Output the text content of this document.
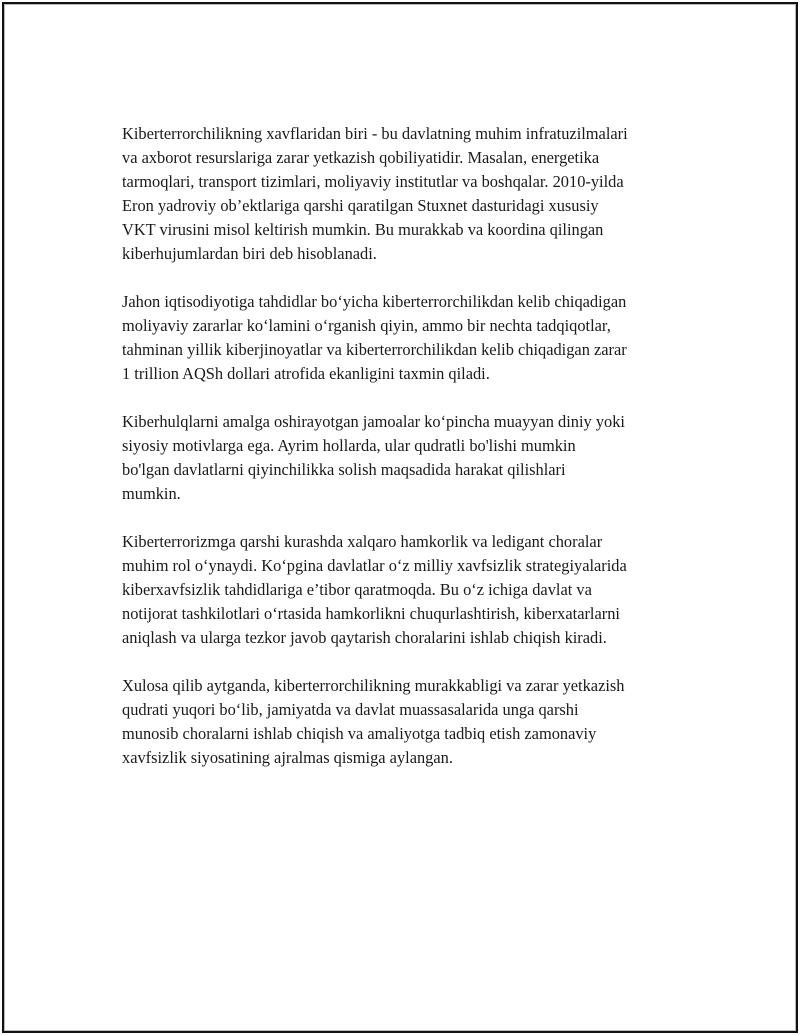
Kiberterrorchilikning xavflaridan biri - bu davlatning muhim infratuzilmalari
va axborot resurslariga zarar yetkazish qobiliyatidir. Masalan, energetika
tarmoqlari, transport tizimlari, moliyaviy institutlar va boshqalar. 2010-yilda
Eron yadroviy ob’ektlariga qarshi qaratilgan Stuxnet dasturidagi xususiy
VKT virusini misol keltirish mumkin. Bu murakkab va koordina qilingan
kiberhujumlardan biri deb hisoblanadi.

Jahon iqtisodiyotiga tahdidlar bo‘yicha kiberterrorchilikdan kelib chiqadigan
moliyaviy zararlar ko‘lamini o‘rganish qiyin, ammo bir nechta tadqiqotlar,
tahminan yillik kiberjinoyatlar va kiberterrorchilikdan kelib chiqadigan zarar
1 trillion AQSh dollari atrofida ekanligini taxmin qiladi.

Kiberhulqlarni amalga oshirayotgan jamoalar ko‘pincha muayyan diniy yoki
siyosiy motivlarga ega. Ayrim hollarda, ular qudratli bo'lishi mumkin
bo'lgan davlatlarni qiyinchilikka solish maqsadida harakat qilishlari
mumkin.

Kiberterrorizmga qarshi kurashda xalqaro hamkorlik va ledigant choralar
muhim rol o‘ynaydi. Ko‘pgina davlatlar o‘z milliy xavfsizlik strategiyalarida
kiberxavfsizlik tahdidlariga e’tibor qaratmoqda. Bu o‘z ichiga davlat va
notijorat tashkilotlari o‘rtasida hamkorlikni chuqurlashtirish, kiberxatarlarni
aniqlash va ularga tezkor javob qaytarish choralarini ishlab chiqish kiradi.

Xulosa qilib aytganda, kiberterrorchilikning murakkabligi va zarar yetkazish
qudrati yuqori bo‘lib, jamiyatda va davlat muassasalarida unga qarshi
munosib choralarni ishlab chiqish va amaliyotga tadbiq etish zamonaviy
xavfsizlik siyosatining ajralmas qismiga aylangan.
